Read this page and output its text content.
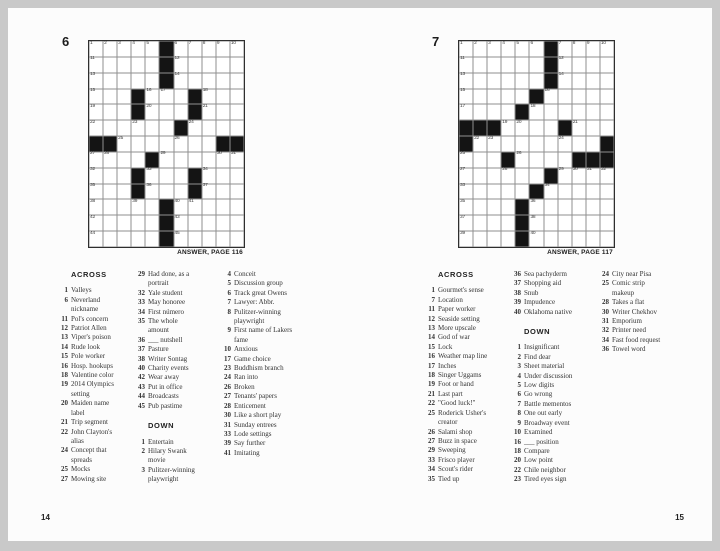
6	1 2 3 4 5	6 7 8 9 10
11	12
13	14
15	16 17	18
19	20	21
22	23	24
25	26
27 28	29	30 31
32	33	34
35	36	37
38	39	40 41
42	43
44	45
ANSWER, PAGE 116
ACROSS
1 Valleys
6 Neverland nickname
11 Pol's concern
12 Patriot Allen
13 Viper's poison
14 Rude look
15 Pole worker
16 Hosp. hookups
18 Valentine color
19 2014 Olympics setting
20 Maiden name label
21 Trip segment
22 John Clayton's alias
24 Concept that spreads
25 Mocks
27 Mowing site
29 Had done, as a portrait
32 Yale student
33 May honoree
34 First número
35 The whole amount
36 ___ nutshell
37 Pasture
38 Writer Sontag
40 Charity events
42 Wear away
43 Put in office
44 Broadcasts
45 Pub pastime
DOWN
1 Entertain
2 Hilary Swank movie
3 Pulitzer-winning playwright
4 Conceit
5 Discussion group
6 Track great Owens
7 Lawyer: Abbr.
8 Pulitzer-winning playwright
9 First name of Lakers fame
10 Anxious
17 Game choice
23 Buddhism branch
24 Ran into
26 Broken
27 Tenants' papers
28 Enticement
30 Like a short play
31 Sunday entrees
33 Lode settings
39 Say further
41 Imitating
14
7	1 2 3 4 5 6	7 8 9 10
11	12
13	14
15	16
17	18
19 20	21
22 23	24
25	26
27	28	29 30 31 32
33	34
35	36
37	38
39	40
ANSWER, PAGE 117
ACROSS
1 Gourmet's sense
7 Location
11 Paper worker
12 Seaside setting
13 More upscale
14 God of war
15 Lock
16 Weather map line
17 Inches
18 Singer Uggams
19 Foot or hand
21 Last part
22 "Good luck!"
25 Roderick Usher's creator
26 Salami shop
27 Buzz in space
29 Sweeping
33 Frisco player
34 Scout's rider
35 Tied up
36 Sea pachyderm
37 Shopping aid
38 Snub
39 Impudence
40 Oklahoma native
DOWN
1 Insignificant
2 Find dear
3 Sheet material
4 Under discussion
5 Low digits
6 Go wrong
7 Battle mementos
8 One out early
9 Broadway event
10 Examined
16 ___ position
18 Compare
20 Low point
22 Chile neighbor
23 Tired eyes sign
24 City near Pisa
25 Comic strip makeup
28 Takes a flat
30 Writer Chekhov
31 Emporium
32 Printer need
34 Fast food request
36 Towel word
15
